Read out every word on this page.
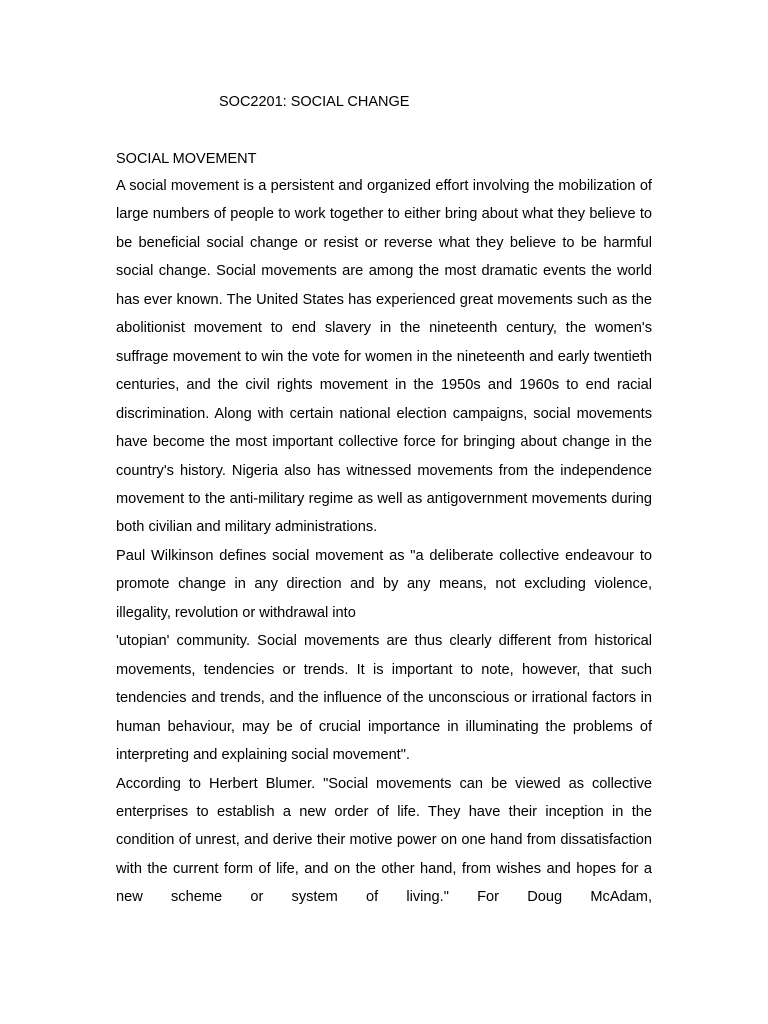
SOC2201: SOCIAL CHANGE
SOCIAL MOVEMENT

A social movement is a persistent and organized effort involving the mobilization of large numbers of people to work together to either bring about what they believe to be beneficial social change or resist or reverse what they believe to be harmful social change. Social movements are among the most dramatic events the world has ever known. The United States has experienced great movements such as the abolitionist movement to end slavery in the nineteenth century, the women's suffrage movement to win the vote for women in the nineteenth and early twentieth centuries, and the civil rights movement in the 1950s and 1960s to end racial discrimination. Along with certain national election campaigns, social movements have become the most important collective force for bringing about change in the country's history. Nigeria also has witnessed movements from the independence movement to the anti-military regime as well as antigovernment movements during both civilian and military administrations.

Paul Wilkinson defines social movement as "a deliberate collective endeavour to promote change in any direction and by any means, not excluding violence, illegality, revolution or withdrawal into

'utopian' community. Social movements are thus clearly different from historical movements, tendencies or trends. It is important to note, however, that such tendencies and trends, and the influence of the unconscious or irrational factors in human behaviour, may be of crucial importance in illuminating the problems of interpreting and explaining social movement".

According to Herbert Blumer. "Social movements can be viewed as collective enterprises to establish a new order of life. They have their inception in the condition of unrest, and derive their motive power on one hand from dissatisfaction with the current form of life, and on the other hand, from wishes and hopes for a new scheme or system of living." For Doug McAdam,
